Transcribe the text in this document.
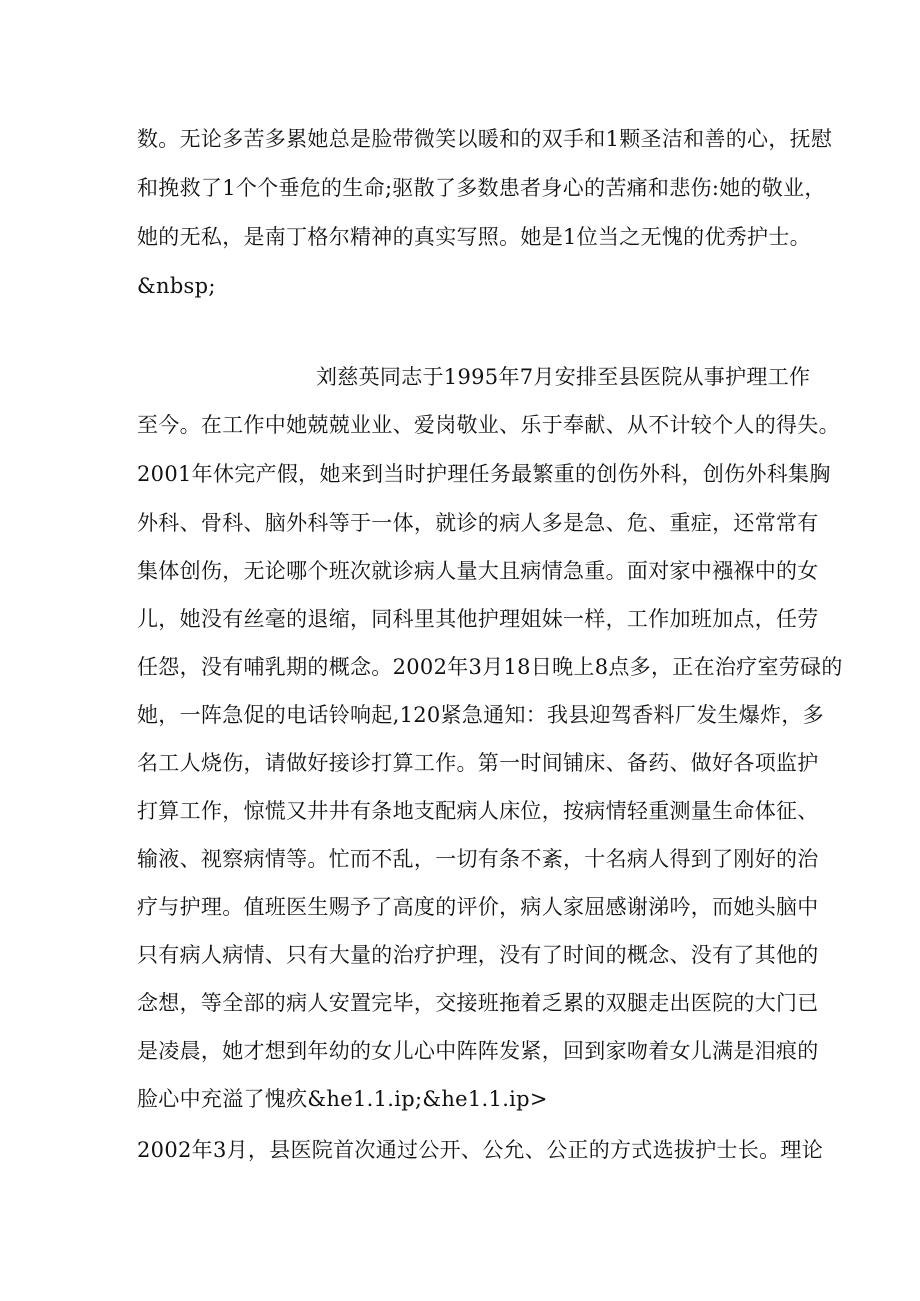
数。无论多苦多累她总是脸带微笑以暖和的双手和1颗圣洁和善的心，抚慰

和挽救了1个个垂危的生命;驱散了多数患者身心的苦痛和悲伤:她的敬业，

她的无私，是南丁格尔精神的真实写照。她是1位当之无愧的优秀护士。

&nbsp;

刘慈英同志于1995年7月安排至县医院从事护理工作

至今。在工作中她兢兢业业、爱岗敬业、乐于奉献、从不计较个人的得失。

2001年休完产假，她来到当时护理任务最繁重的创伤外科，创伤外科集胸

外科、骨科、脑外科等于一体，就诊的病人多是急、危、重症，还常常有

集体创伤，无论哪个班次就诊病人量大且病情急重。面对家中襁褓中的女

儿，她没有丝毫的退缩，同科里其他护理姐妹一样，工作加班加点，任劳

任怨，没有哺乳期的概念。2002年3月18日晚上8点多，正在治疗室劳碌的

她，一阵急促的电话铃响起,120紧急通知：我县迎驾香料厂发生爆炸，多

名工人烧伤，请做好接诊打算工作。第一时间铺床、备药、做好各项监护

打算工作，惊慌又井井有条地支配病人床位，按病情轻重测量生命体征、

输液、视察病情等。忙而不乱，一切有条不紊，十名病人得到了刚好的治

疗与护理。值班医生赐予了高度的评价，病人家屈感谢涕吟，而她头脑中

只有病人病情、只有大量的治疗护理，没有了时间的概念、没有了其他的

念想，等全部的病人安置完毕，交接班拖着乏累的双腿走出医院的大门已

是凌晨，她才想到年幼的女儿心中阵阵发紧，回到家吻着女儿满是泪痕的

脸心中充溢了愧疚&he1.1.ip;&he1.1.ip>

2002年3月，县医院首次通过公开、公允、公正的方式选拔护士长。理论
